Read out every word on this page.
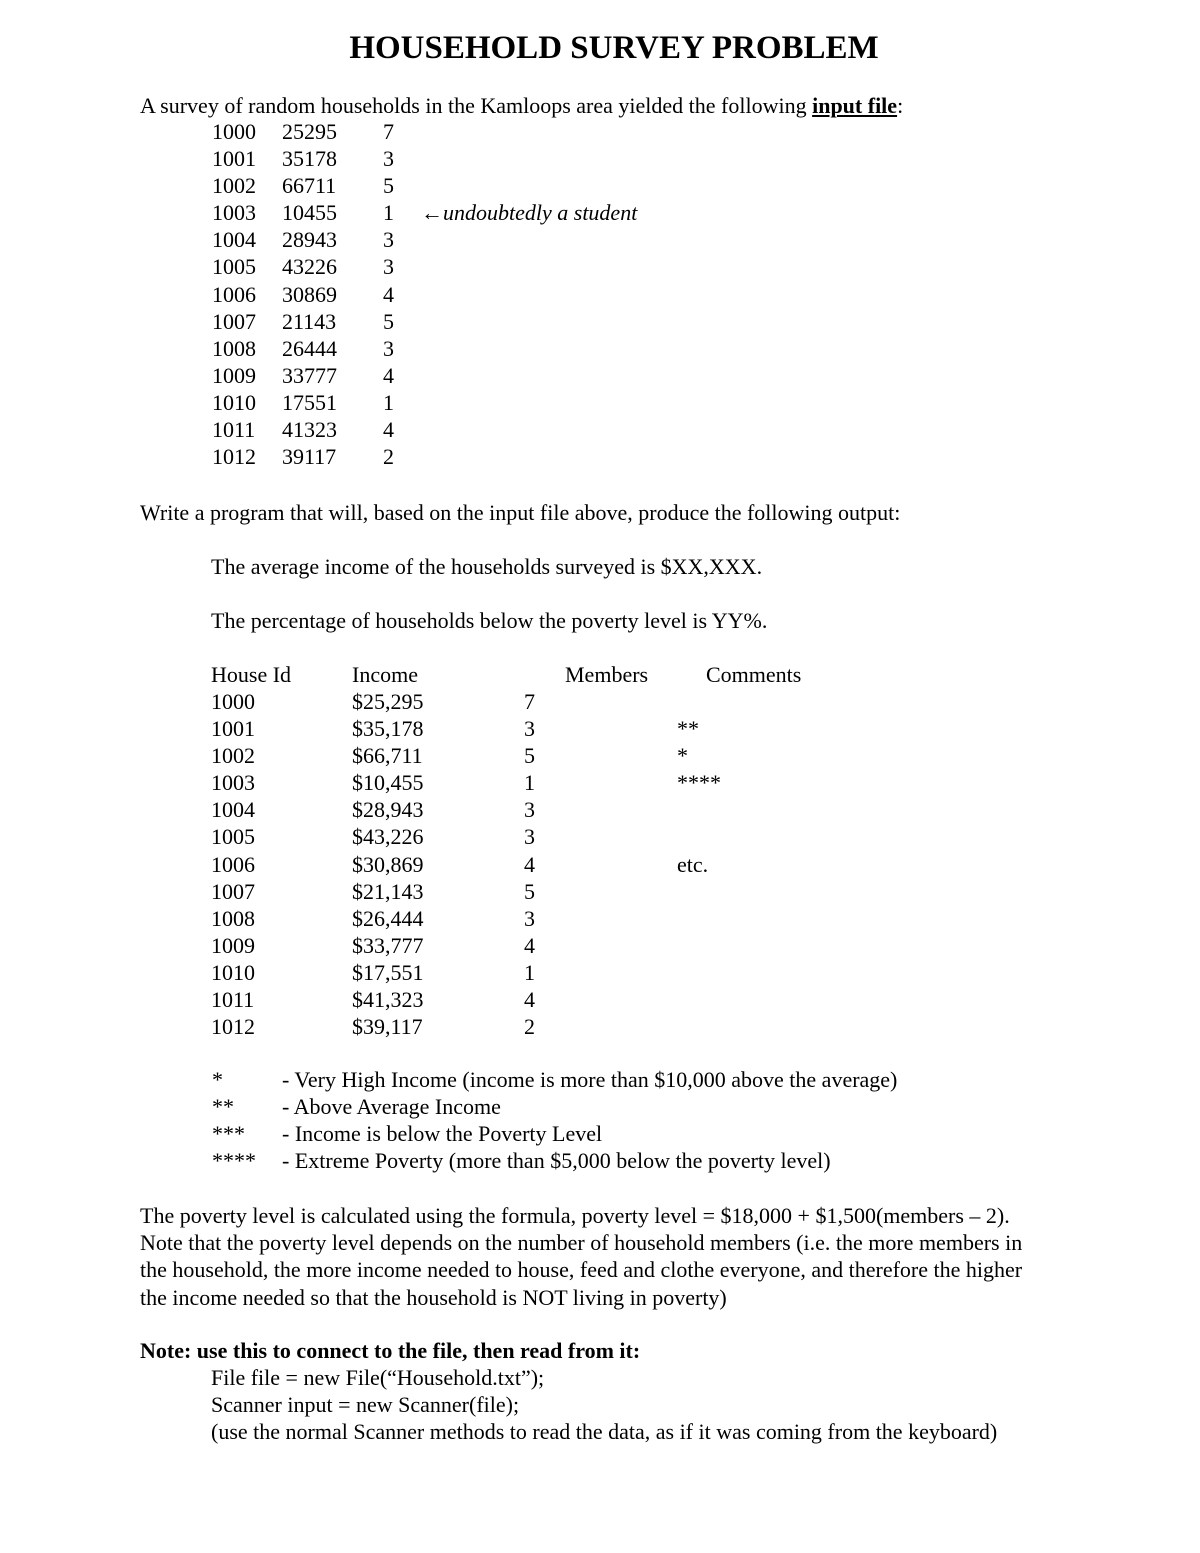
HOUSEHOLD SURVEY PROBLEM
A survey of random households in the Kamloops area yielded the following input file:
1000 25295 7
1001 35178 3
1002 66711 5
1003 10455 1 ←undoubtedly a student
1004 28943 3
1005 43226 3
1006 30869 4
1007 21143 5
1008 26444 3
1009 33777 4
1010 17551 1
1011 41323 4
1012 39117 2
Write a program that will, based on the input file above, produce the following output:
The average income of the households surveyed is $XX,XXX.
The percentage of households below the poverty level is YY%.
House Id	Income	Members	Comments
1000	$25,295	7
1001	$35,178	3	**
1002	$66,711	5	*
1003	$10,455	1	****
1004	$28,943	3
1005	$43,226	3
1006	$30,869	4	etc.
1007	$21,143	5
1008	$26,444	3
1009	$33,777	4
1010	$17,551	1
1011	$41,323	4
1012	$39,117	2
*	- Very High Income (income is more than $10,000 above the average)
** - Above Average Income
*** - Income is below the Poverty Level
**** - Extreme Poverty (more than $5,000 below the poverty level)
The poverty level is calculated using the formula, poverty level = $18,000 + $1,500(members – 2).
Note that the poverty level depends on the number of household members (i.e. the more members in
the household, the more income needed to house, feed and clothe everyone, and therefore the higher
the income needed so that the household is NOT living in poverty)
Note: use this to connect to the file, then read from it:
File file = new File(“Household.txt”);
Scanner input = new Scanner(file);
(use the normal Scanner methods to read the data, as if it was coming from the keyboard)
